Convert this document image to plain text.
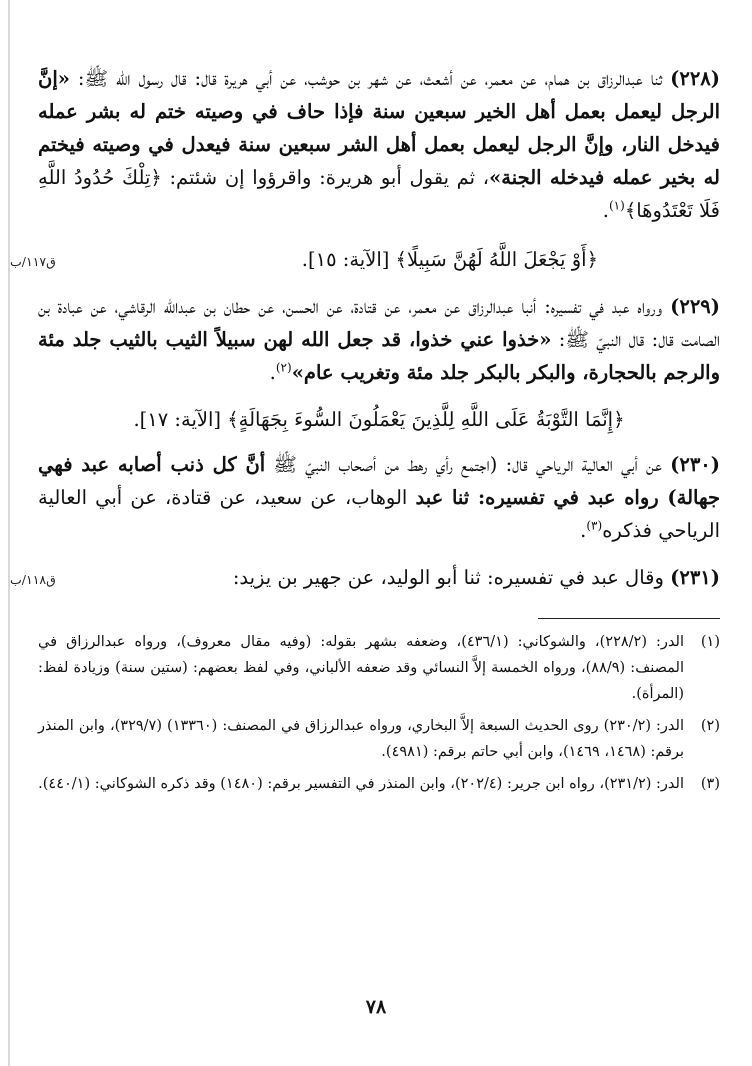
(٢٢٨) ثنا عبدالرزاق بن همام، عن معمر، عن أشعث، عن شهر بن حوشب، عن أبي هريرة قال: قال رسول الله ﷺ: «إنَّ الرجل ليعمل بعمل أهل الخير سبعين سنة فإذا حاف في وصيته ختم له بشر عمله فيدخل النار، وإنَّ الرجل ليعمل بعمل أهل الشر سبعين سنة فيعدل في وصيته فيختم له بخير عمله فيدخله الجنة»، ثم يقول أبو هريرة: واقرؤوا إن شئتم: ﴿تِلْكَ حُدُودُ اللَّهِ فَلَا تَعْتَدُوهَا﴾$^{(١)}$.

ق١١٧/ب	﴿أَوْ يَجْعَلَ اللَّهُ لَهُنَّ سَبِيلًا﴾ [الآية: ١٥].

(٢٢٩) ورواه عبد في تفسيره: أنبا عبدالرزاق عن معمر، عن قتادة، عن الحسن، عن حطان بن عبدالله الرقاشي، عن عبادة بن الصامت قال: قال النبيّ ﷺ: «خذوا عني خذوا، قد جعل الله لهن سبيلاً الثيب بالثيب جلد مئة والرجم بالحجارة، والبكر بالبكر جلد مئة وتغريب عام»$^{(٢)}$.

﴿إِنَّمَا التَّوْبَةُ عَلَى اللَّهِ لِلَّذِينَ يَعْمَلُونَ السُّوءَ بِجَهَالَةٍ﴾ [الآية: ١٧].

(٢٣٠) عن أبي العالية الرياحي قال: (اجتمع رأي رهط من أصحاب النبيّ ﷺ أنَّ كل ذنب أصابه عبد فهي جهالة) رواه عبد في تفسيره: ثنا عبد الوهاب، عن سعيد، عن قتادة، عن أبي العالية الرياحي فذكره$^{(٣)}$.

ق١١٨/ب	(٢٣١) وقال عبد في تفسيره: ثنا أبو الوليد، عن جهير بن يزيد:
(١)
الدر: (٢٢٨/٢)، والشوكاني: (٤٣٦/١)، وضعفه بشهر بقوله: (وفيه مقال معروف)، ورواه عبدالرزاق في المصنف: (٨٨/٩)، ورواه الخمسة إلاَّ النسائي وقد ضعفه الألباني، وفي لفظ بعضهم: (ستين سنة) وزيادة لفظ: (المرأة).
(٢)
الدر: (٢٣٠/٢) روى الحديث السبعة إلاَّ البخاري، ورواه عبدالرزاق في المصنف: (١٣٣٦٠) (٣٢٩/٧)، وابن المنذر برقم: (١٤٦٨، ١٤٦٩)، وابن أبي حاتم برقم: (٤٩٨١).
(٣)
الدر: (٢٣١/٢)، رواه ابن جرير: (٢٠٢/٤)، وابن المنذر في التفسير برقم: (١٤٨٠) وقد ذكره الشوكاني: (٤٤٠/١).
٧٨
